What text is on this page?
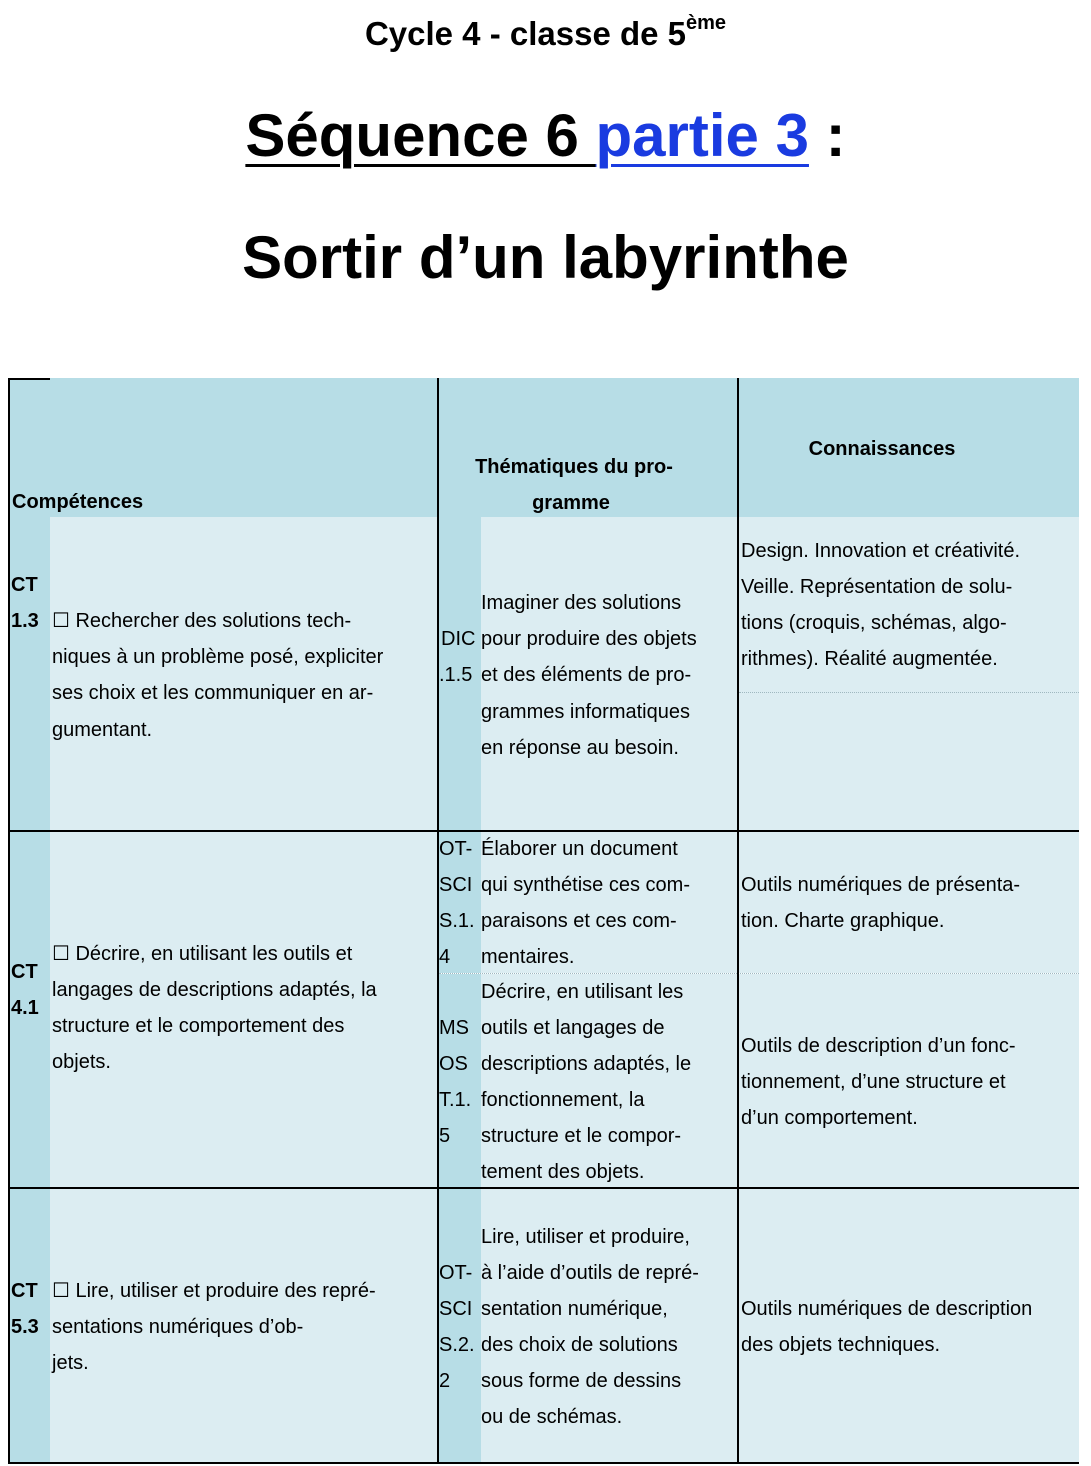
Cycle 4 - classe de 5ème
Séquence 6 partie 3 :
Sortir d’un labyrinthe
Compétences
Thématiques du pro-
gramme
Connaissances
CT
1.3 ☐ Rechercher des solutions tech-
niques à un problème posé, expliciter
ses choix et les communiquer en ar-
gumentant.
DIC
.1.5
Imaginer des solutions
pour produire des objets
et des éléments de pro-
grammes informatiques
en réponse au besoin.
Design. Innovation et créativité.
Veille. Représentation de solu-
tions (croquis, schémas, algo-
rithmes). Réalité augmentée.
CT
4.1
☐ Décrire, en utilisant les outils et
langages de descriptions adaptés, la
structure et le comportement des
objets.
OT-
SCI
S.1.
4
Élaborer un document
qui synthétise ces com-
paraisons et ces com-
mentaires.
Outils numériques de présenta-
tion. Charte graphique.
MS
OS
T.1.
5
Décrire, en utilisant les
outils et langages de
descriptions adaptés, le
fonctionnement, la
structure et le compor-
tement des objets.
Outils de description d’un fonc-
tionnement, d’une structure et
d’un comportement.
CT
5.3
☐ Lire, utiliser et produire des repré-
sentations numériques d’ob-
jets.
OT-
SCI
S.2.
2
Lire, utiliser et produire,
à l’aide d’outils de repré-
sentation numérique,
des choix de solutions
sous forme de dessins
ou de schémas.
Outils numériques de description
des objets techniques.
